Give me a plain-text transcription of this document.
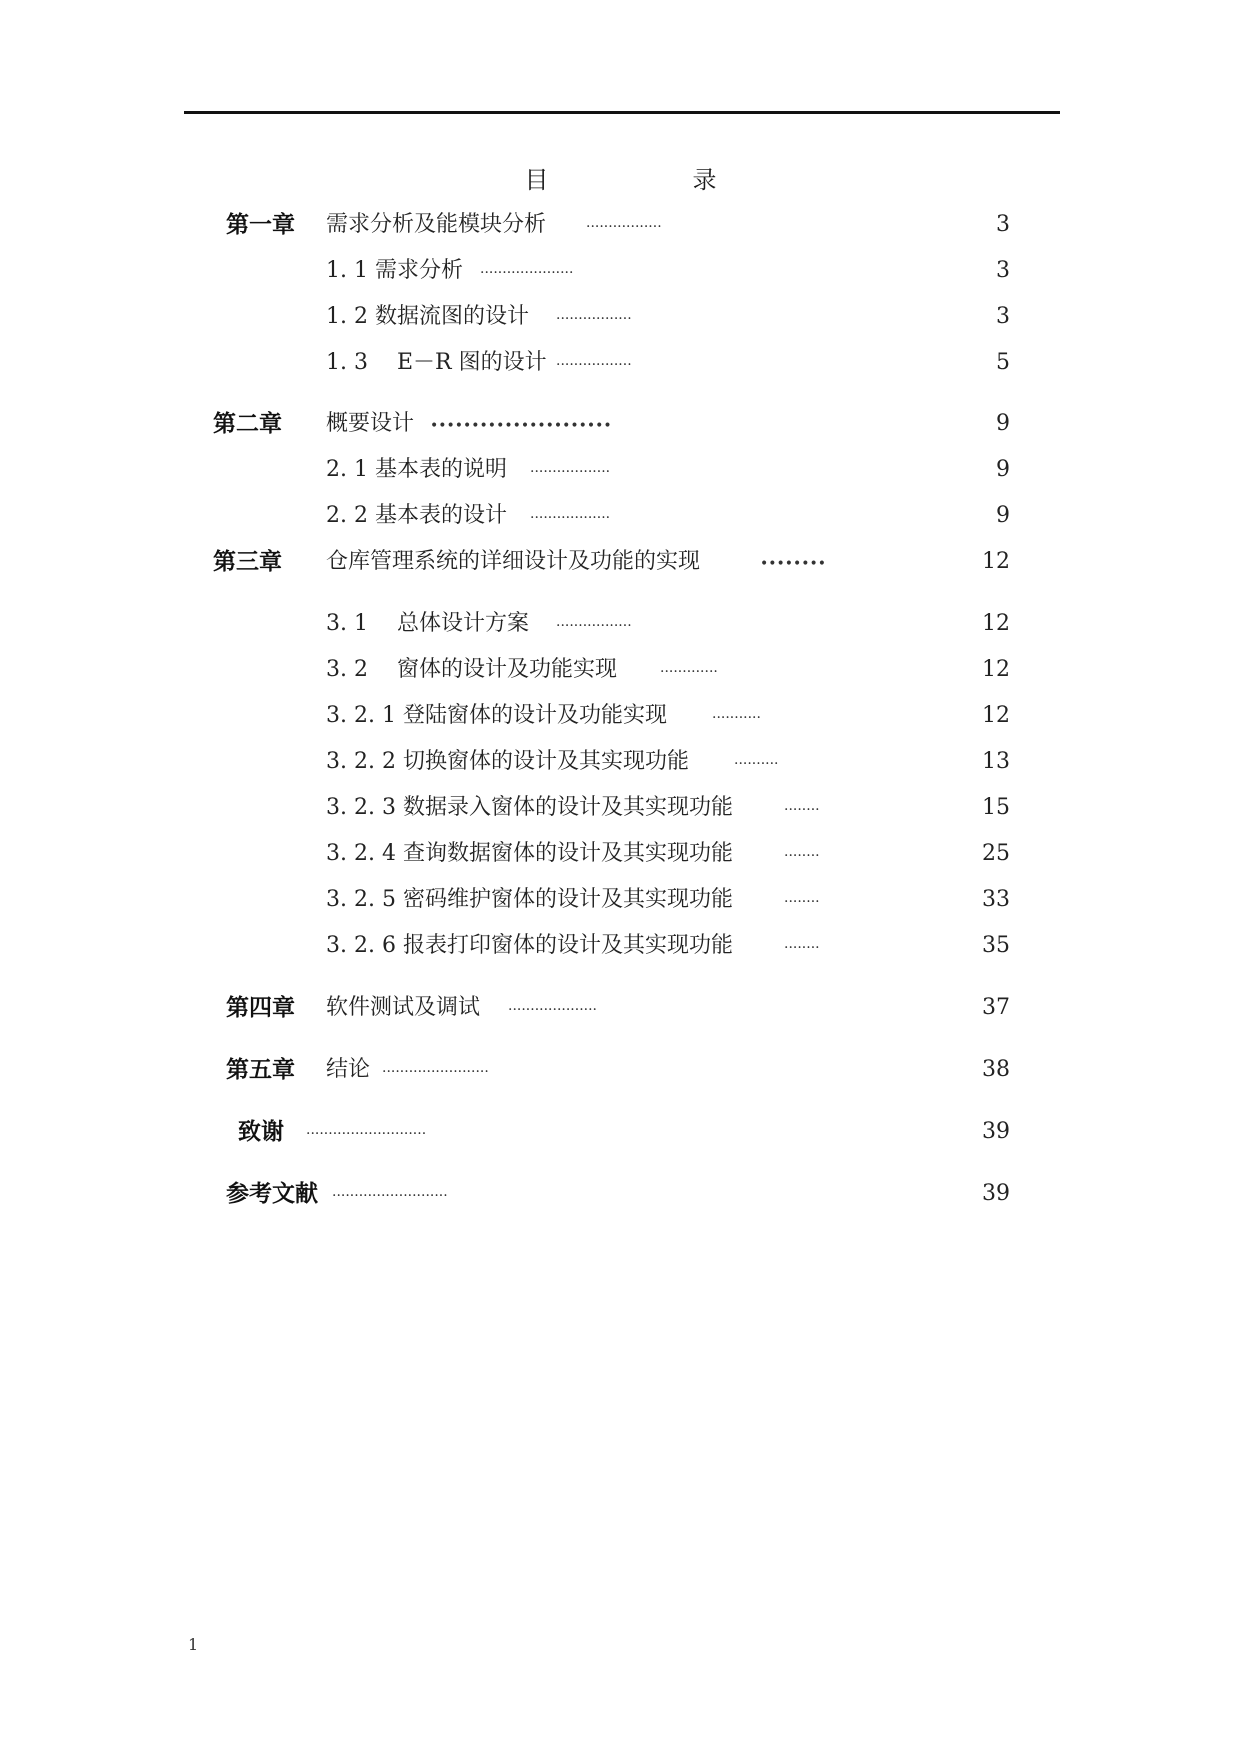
目　　录
第一章 需求分析及能模块分析	·················	3
1. 1 需求分析 ·····················	3
1. 2 数据流图的设计 ·················	3
1. 3 　E－R 图的设计 ·················	5
第二章 概要设计 ••••••••••••••••••••••	9
2. 1 基本表的说明 ··················	9
2. 2 基本表的设计 ··················	9
第三章 仓库管理系统的详细设计及功能的实现	••••••••	12
3. 1　 总体设计方案 ·················	12
3. 2　 窗体的设计及功能实现	·············	12
3. 2. 1 登陆窗体的设计及功能实现	···········	12
3. 2. 2 切换窗体的设计及其实现功能	··········	13
3. 2. 3 数据录入窗体的设计及其实现功能	········	15
3. 2. 4 查询数据窗体的设计及其实现功能	········	25
3. 2. 5 密码维护窗体的设计及其实现功能	········	33
3. 2. 6 报表打印窗体的设计及其实现功能	········	35
第四章 软件测试及调试 ····················	37
第五章 结论 ························	38
致谢 ···························	39
参考文献 ··························	39
1
